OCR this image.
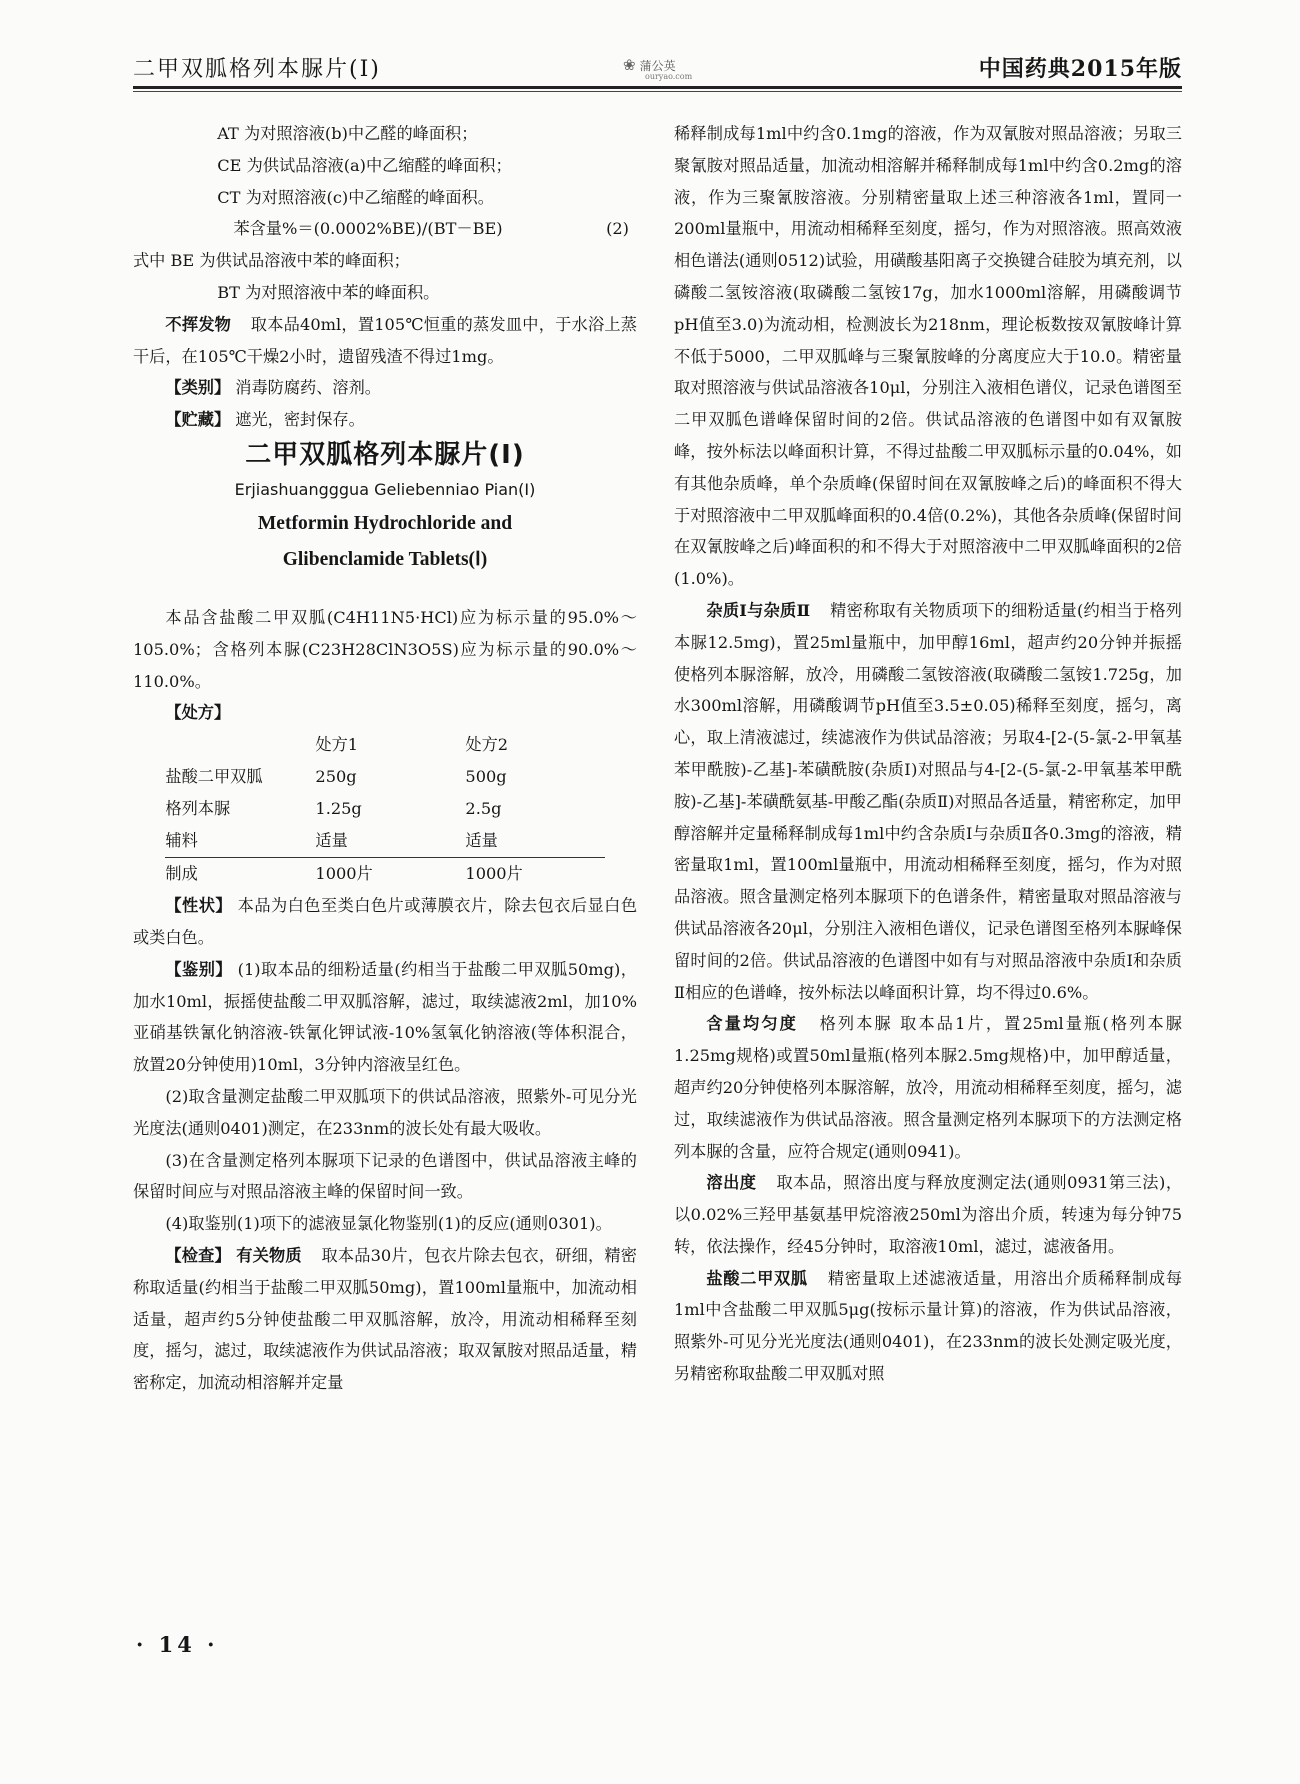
二甲双胍格列本脲片(Ⅰ)	❀ 蒲公英
ouryao.com	中国药典2015年版

AT 为对照溶液(b)中乙醛的峰面积；

CE 为供试品溶液(a)中乙缩醛的峰面积；

CT 为对照溶液(c)中乙缩醛的峰面积。

苯含量%＝(0.0002%BE)/(BT－BE)	(2)

式中 BE 为供试品溶液中苯的峰面积；

BT 为对照溶液中苯的峰面积。

不挥发物 取本品40ml，置105℃恒重的蒸发皿中，于水浴上蒸干后，在105℃干燥2小时，遗留残渣不得过1mg。

【类别】 消毒防腐药、溶剂。

【贮藏】 遮光，密封保存。

二甲双胍格列本脲片(Ⅰ)

Erjiashuangggua Geliebenniao Pian(Ⅰ)

Metformin Hydrochloride and

Glibenclamide Tablets(Ⅰ)

本品含盐酸二甲双胍(C4H11N5·HCl)应为标示量的95.0%～105.0%；含格列本脲(C23H28ClN3O5S)应为标示量的90.0%～110.0%。

【处方】

	处方1	处方2
盐酸二甲双胍	250g	500g
格列本脲	1.25g	2.5g
辅料	适量	适量
制成	1000片	1000片

【性状】 本品为白色至类白色片或薄膜衣片，除去包衣后显白色或类白色。

【鉴别】 (1)取本品的细粉适量(约相当于盐酸二甲双胍50mg)，加水10ml，振摇使盐酸二甲双胍溶解，滤过，取续滤液2ml，加10%亚硝基铁氰化钠溶液-铁氰化钾试液-10%氢氧化钠溶液(等体积混合，放置20分钟使用)10ml，3分钟内溶液呈红色。

(2)取含量测定盐酸二甲双胍项下的供试品溶液，照紫外-可见分光光度法(通则0401)测定，在233nm的波长处有最大吸收。

(3)在含量测定格列本脲项下记录的色谱图中，供试品溶液主峰的保留时间应与对照品溶液主峰的保留时间一致。

(4)取鉴别(1)项下的滤液显氯化物鉴别(1)的反应(通则0301)。

【检查】 有关物质 取本品30片，包衣片除去包衣，研细，精密称取适量(约相当于盐酸二甲双胍50mg)，置100ml量瓶中，加流动相适量，超声约5分钟使盐酸二甲双胍溶解，放冷，用流动相稀释至刻度，摇匀，滤过，取续滤液作为供试品溶液；取双氰胺对照品适量，精密称定，加流动相溶解并定量

稀释制成每1ml中约含0.1mg的溶液，作为双氰胺对照品溶液；另取三聚氰胺对照品适量，加流动相溶解并稀释制成每1ml中约含0.2mg的溶液，作为三聚氰胺溶液。分别精密量取上述三种溶液各1ml，置同一200ml量瓶中，用流动相稀释至刻度，摇匀，作为对照溶液。照高效液相色谱法(通则0512)试验，用磺酸基阳离子交换键合硅胶为填充剂，以磷酸二氢铵溶液(取磷酸二氢铵17g，加水1000ml溶解，用磷酸调节pH值至3.0)为流动相，检测波长为218nm，理论板数按双氰胺峰计算不低于5000，二甲双胍峰与三聚氰胺峰的分离度应大于10.0。精密量取对照溶液与供试品溶液各10μl，分别注入液相色谱仪，记录色谱图至二甲双胍色谱峰保留时间的2倍。供试品溶液的色谱图中如有双氰胺峰，按外标法以峰面积计算，不得过盐酸二甲双胍标示量的0.04%，如有其他杂质峰，单个杂质峰(保留时间在双氰胺峰之后)的峰面积不得大于对照溶液中二甲双胍峰面积的0.4倍(0.2%)，其他各杂质峰(保留时间在双氰胺峰之后)峰面积的和不得大于对照溶液中二甲双胍峰面积的2倍(1.0%)。

杂质Ⅰ与杂质Ⅱ 精密称取有关物质项下的细粉适量(约相当于格列本脲12.5mg)，置25ml量瓶中，加甲醇16ml，超声约20分钟并振摇使格列本脲溶解，放冷，用磷酸二氢铵溶液(取磷酸二氢铵1.725g，加水300ml溶解，用磷酸调节pH值至3.5±0.05)稀释至刻度，摇匀，离心，取上清液滤过，续滤液作为供试品溶液；另取4-[2-(5-氯-2-甲氧基苯甲酰胺)-乙基]-苯磺酰胺(杂质Ⅰ)对照品与4-[2-(5-氯-2-甲氧基苯甲酰胺)-乙基]-苯磺酰氨基-甲酸乙酯(杂质Ⅱ)对照品各适量，精密称定，加甲醇溶解并定量稀释制成每1ml中约含杂质Ⅰ与杂质Ⅱ各0.3mg的溶液，精密量取1ml，置100ml量瓶中，用流动相稀释至刻度，摇匀，作为对照品溶液。照含量测定格列本脲项下的色谱条件，精密量取对照品溶液与供试品溶液各20μl，分别注入液相色谱仪，记录色谱图至格列本脲峰保留时间的2倍。供试品溶液的色谱图中如有与对照品溶液中杂质Ⅰ和杂质Ⅱ相应的色谱峰，按外标法以峰面积计算，均不得过0.6%。

含量均匀度 格列本脲 取本品1片，置25ml量瓶(格列本脲1.25mg规格)或置50ml量瓶(格列本脲2.5mg规格)中，加甲醇适量，超声约20分钟使格列本脲溶解，放冷，用流动相稀释至刻度，摇匀，滤过，取续滤液作为供试品溶液。照含量测定格列本脲项下的方法测定格列本脲的含量，应符合规定(通则0941)。

溶出度 取本品，照溶出度与释放度测定法(通则0931第三法)，以0.02%三羟甲基氨基甲烷溶液250ml为溶出介质，转速为每分钟75转，依法操作，经45分钟时，取溶液10ml，滤过，滤液备用。

盐酸二甲双胍 精密量取上述滤液适量，用溶出介质稀释制成每1ml中含盐酸二甲双胍5μg(按标示量计算)的溶液，作为供试品溶液，照紫外-可见分光光度法(通则0401)，在233nm的波长处测定吸光度，另精密称取盐酸二甲双胍对照

· 14 ·
